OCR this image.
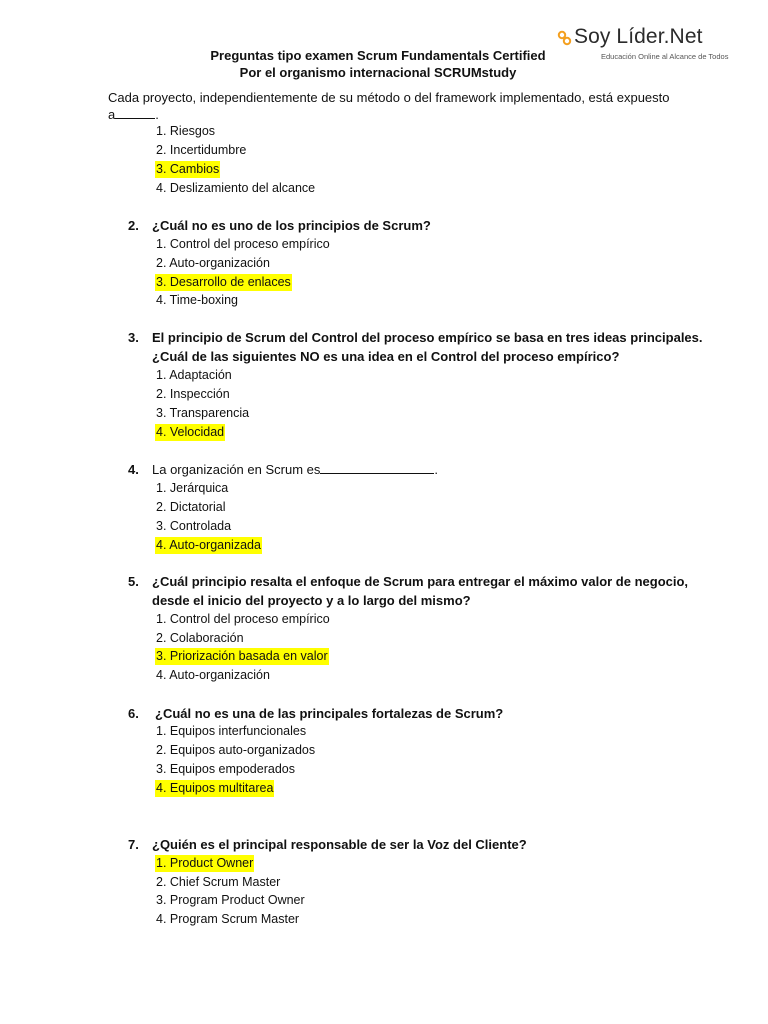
Soy Líder.Net
Educación Online al Alcance de Todos
Preguntas tipo examen Scrum Fundamentals Certified
Por el organismo internacional SCRUMstudy
Cada proyecto, independientemente de su método o del framework implementado, está expuesto
a	.
1. Riesgos
2. Incertidumbre
3. Cambios
4. Deslizamiento del alcance
2. ¿Cuál no es uno de los principios de Scrum?
1. Control del proceso empírico
2. Auto-organización
3. Desarrollo de enlaces
4. Time-boxing
3. El principio de Scrum del Control del proceso empírico se basa en tres ideas principales.
¿Cuál de las siguientes NO es una idea en el Control del proceso empírico?
1. Adaptación
2. Inspección
3. Transparencia
4. Velocidad
4. La organización en Scrum es	.
1. Jerárquica
2. Dictatorial
3. Controlada
4. Auto-organizada
5. ¿Cuál principio resalta el enfoque de Scrum para entregar el máximo valor de negocio,
desde el inicio del proyecto y a lo largo del mismo?
1. Control del proceso empírico
2. Colaboración
3. Priorización basada en valor
4. Auto-organización
6. ¿Cuál no es una de las principales fortalezas de Scrum?
1. Equipos interfuncionales
2. Equipos auto-organizados
3. Equipos empoderados
4. Equipos multitarea
7. ¿Quién es el principal responsable de ser la Voz del Cliente?
1. Product Owner
2. Chief Scrum Master
3. Program Product Owner
4. Program Scrum Master
